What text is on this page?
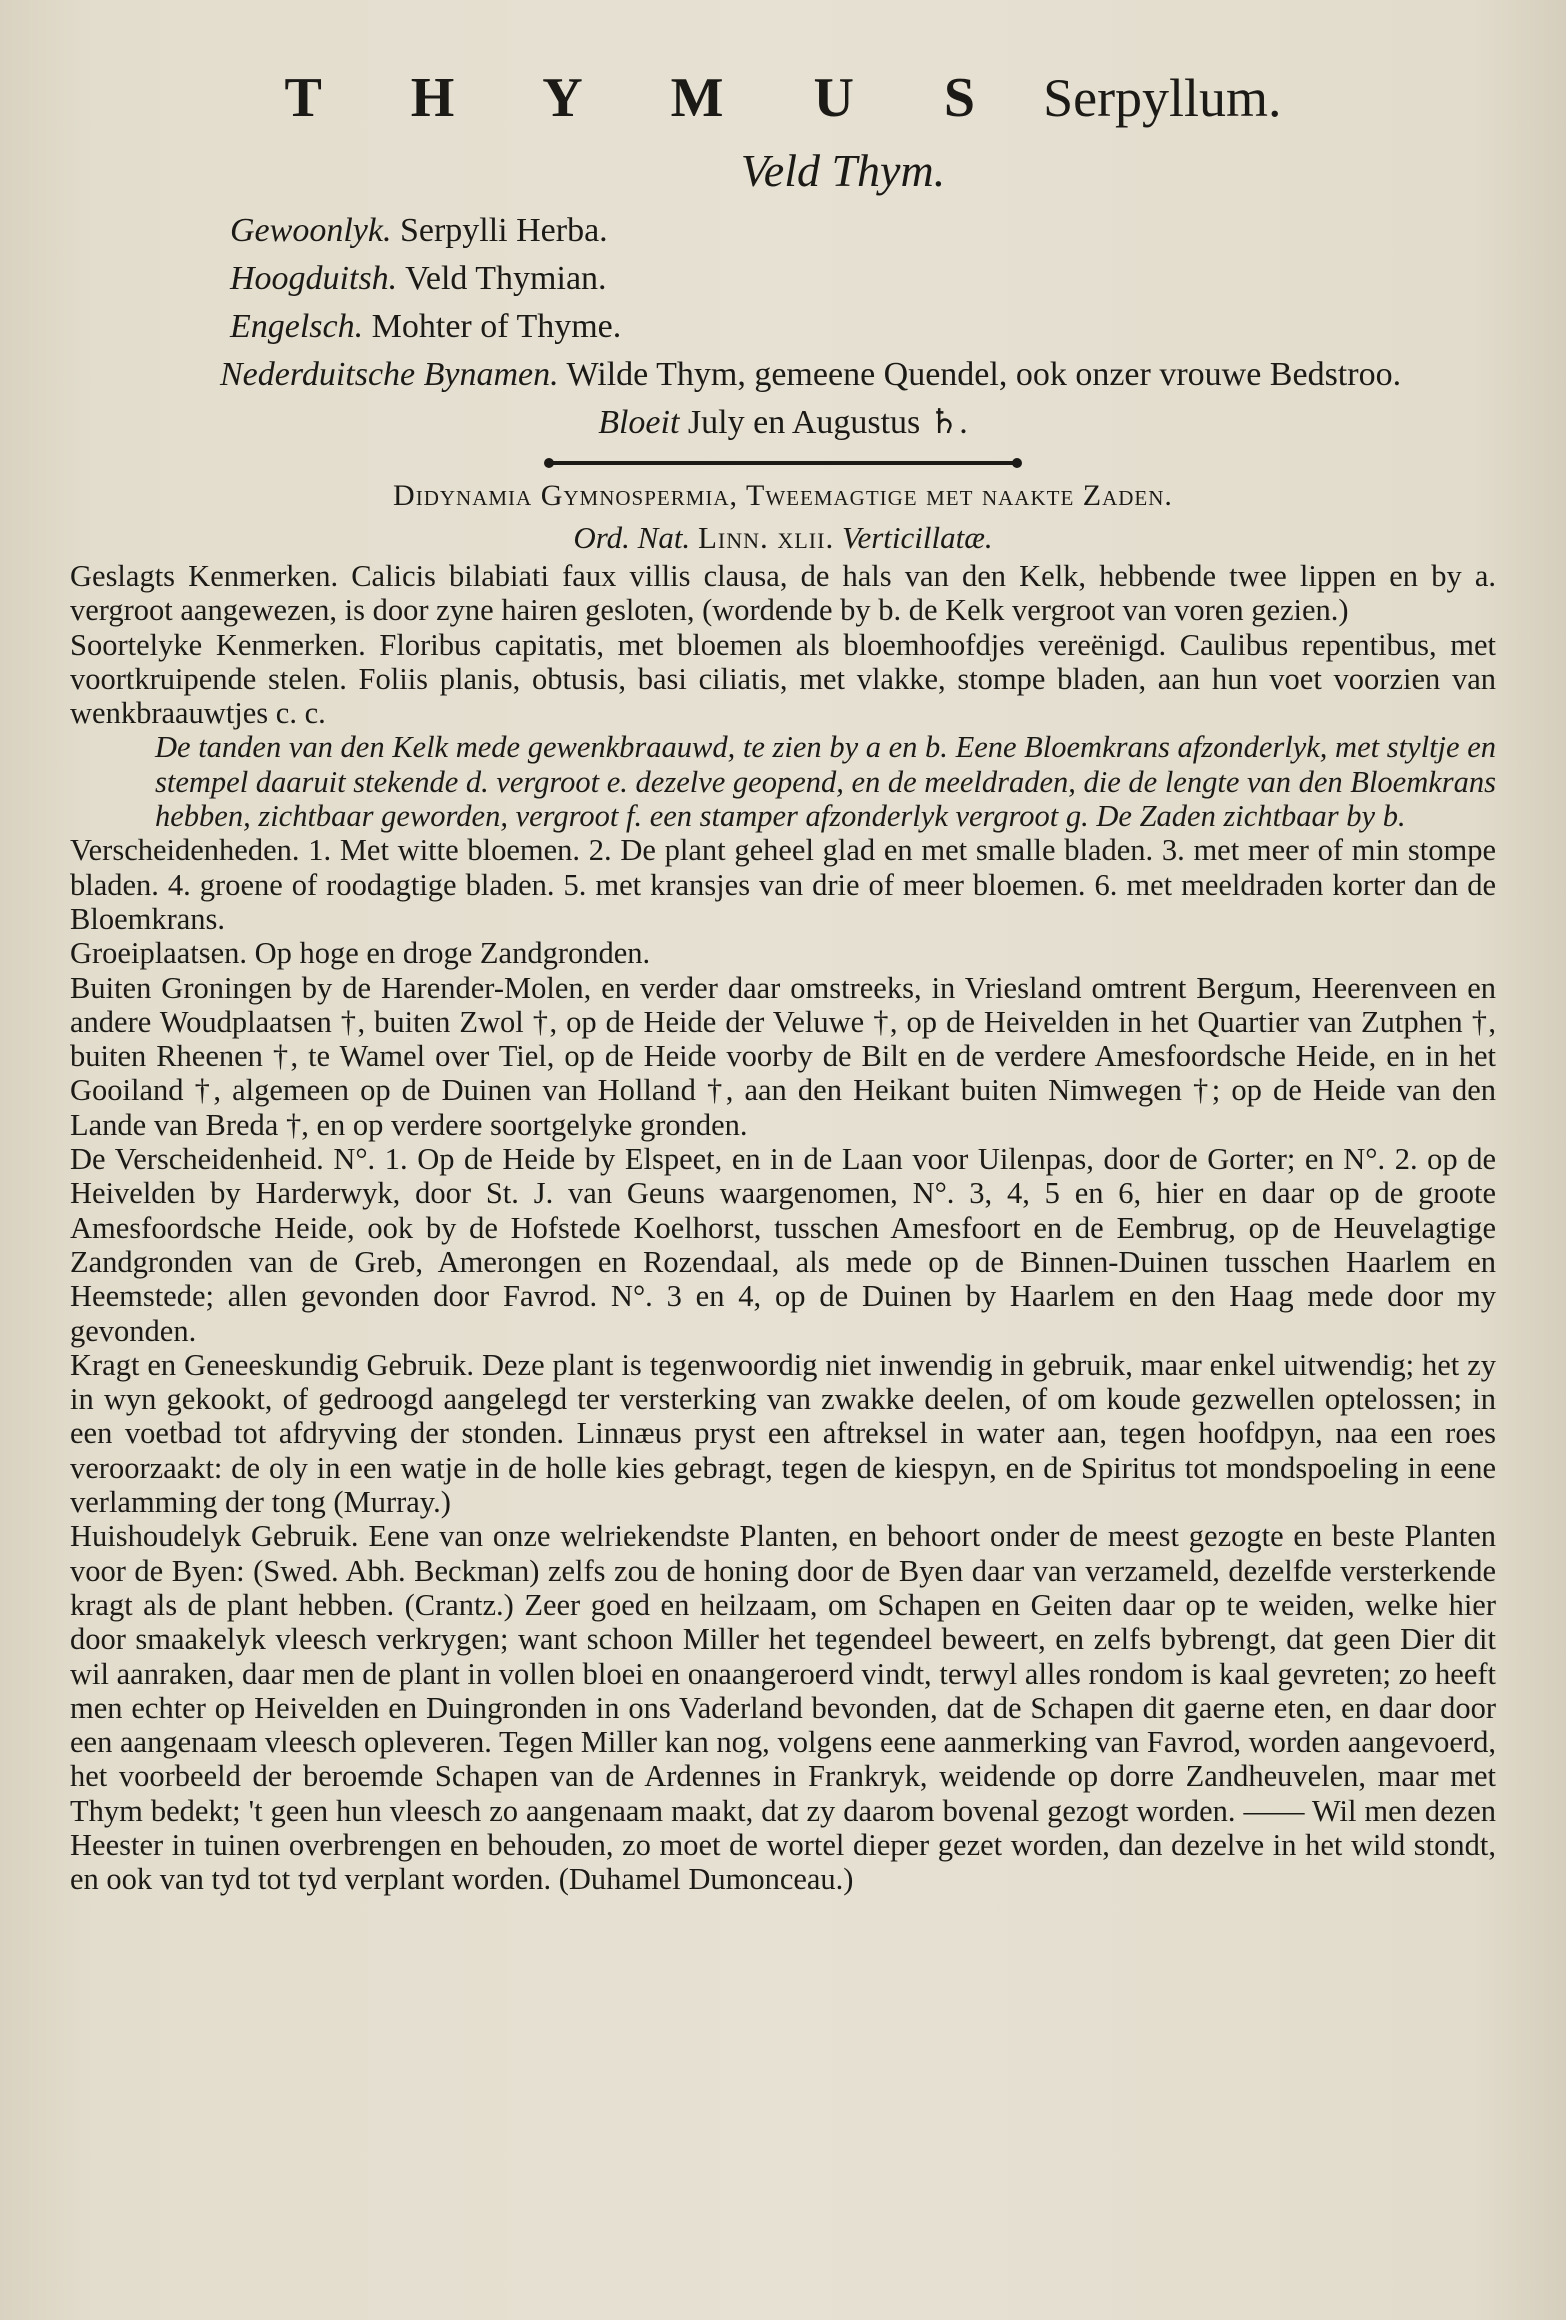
T H Y M U S Serpyllum.
Veld Thym.
Gewoonlyk. Serpylli Herba.
Hoogduitsh. Veld Thymian.
Engelsch. Mohter of Thyme.
Nederduitsche Bynamen. Wilde Thym, gemeene Quendel, ook onzer vrouwe Bedstroo.
Bloeit July en Augustus ♄.
Didynamia Gymnospermia, Tweemagtige met naakte Zaden.
Ord. Nat. Linn. xlii. Verticillatæ.

Geslagts Kenmerken. Calicis bilabiati faux villis clausa, de hals van den Kelk, hebbende twee lippen en by a. vergroot aangewezen, is door zyne hairen gesloten, (wordende by b. de Kelk vergroot van voren gezien.)

Soortelyke Kenmerken. Floribus capitatis, met bloemen als bloemhoofdjes vereënigd. Caulibus repentibus, met voortkruipende stelen. Foliis planis, obtusis, basi ciliatis, met vlakke, stompe bladen, aan hun voet voorzien van wenkbraauwtjes c. c.

De tanden van den Kelk mede gewenkbraauwd, te zien by a en b. Eene Bloemkrans afzonderlyk, met styltje en stempel daaruit stekende d. vergroot e. dezelve geopend, en de meeldraden, die de lengte van den Bloemkrans hebben, zichtbaar geworden, vergroot f. een stamper afzonderlyk vergroot g. De Zaden zichtbaar by b.

Verscheidenheden. 1. Met witte bloemen. 2. De plant geheel glad en met smalle bladen. 3. met meer of min stompe bladen. 4. groene of roodagtige bladen. 5. met kransjes van drie of meer bloemen. 6. met meeldraden korter dan de Bloemkrans.

Groeiplaatsen. Op hoge en droge Zandgronden.

Buiten Groningen by de Harender-Molen, en verder daar omstreeks, in Vriesland omtrent Bergum, Heerenveen en andere Woudplaatsen †, buiten Zwol †, op de Heide der Veluwe †, op de Heivelden in het Quartier van Zutphen †, buiten Rheenen †, te Wamel over Tiel, op de Heide voorby de Bilt en de verdere Amesfoordsche Heide, en in het Gooiland †, algemeen op de Duinen van Holland †, aan den Heikant buiten Nimwegen †; op de Heide van den Lande van Breda †, en op verdere soortgelyke gronden.

De Verscheidenheid. N°. 1. Op de Heide by Elspeet, en in de Laan voor Uilenpas, door de Gorter; en N°. 2. op de Heivelden by Harderwyk, door St. J. van Geuns waargenomen, N°. 3, 4, 5 en 6, hier en daar op de groote Amesfoordsche Heide, ook by de Hofstede Koelhorst, tusschen Amesfoort en de Eembrug, op de Heuvelagtige Zandgronden van de Greb, Amerongen en Rozendaal, als mede op de Binnen-Duinen tusschen Haarlem en Heemstede; allen gevonden door Favrod. N°. 3 en 4, op de Duinen by Haarlem en den Haag mede door my gevonden.

Kragt en Geneeskundig Gebruik. Deze plant is tegenwoordig niet inwendig in gebruik, maar enkel uitwendig; het zy in wyn gekookt, of gedroogd aangelegd ter versterking van zwakke deelen, of om koude gezwellen optelossen; in een voetbad tot afdryving der stonden. Linnæus pryst een aftreksel in water aan, tegen hoofdpyn, naa een roes veroorzaakt: de oly in een watje in de holle kies gebragt, tegen de kiespyn, en de Spiritus tot mondspoeling in eene verlamming der tong (Murray.)

Huishoudelyk Gebruik. Eene van onze welriekendste Planten, en behoort onder de meest gezogte en beste Planten voor de Byen: (Swed. Abh. Beckman) zelfs zou de honing door de Byen daar van verzameld, dezelfde versterkende kragt als de plant hebben. (Crantz.) Zeer goed en heilzaam, om Schapen en Geiten daar op te weiden, welke hier door smaakelyk vleesch verkrygen; want schoon Miller het tegendeel beweert, en zelfs bybrengt, dat geen Dier dit wil aanraken, daar men de plant in vollen bloei en onaangeroerd vindt, terwyl alles rondom is kaal gevreten; zo heeft men echter op Heivelden en Duingronden in ons Vaderland bevonden, dat de Schapen dit gaerne eten, en daar door een aangenaam vleesch opleveren. Tegen Miller kan nog, volgens eene aanmerking van Favrod, worden aangevoerd, het voorbeeld der beroemde Schapen van de Ardennes in Frankryk, weidende op dorre Zandheuvelen, maar met Thym bedekt; 't geen hun vleesch zo aangenaam maakt, dat zy daarom bovenal gezogt worden. —— Wil men dezen Heester in tuinen overbrengen en behouden, zo moet de wortel dieper gezet worden, dan dezelve in het wild stondt, en ook van tyd tot tyd verplant worden. (Duhamel Dumonceau.)
